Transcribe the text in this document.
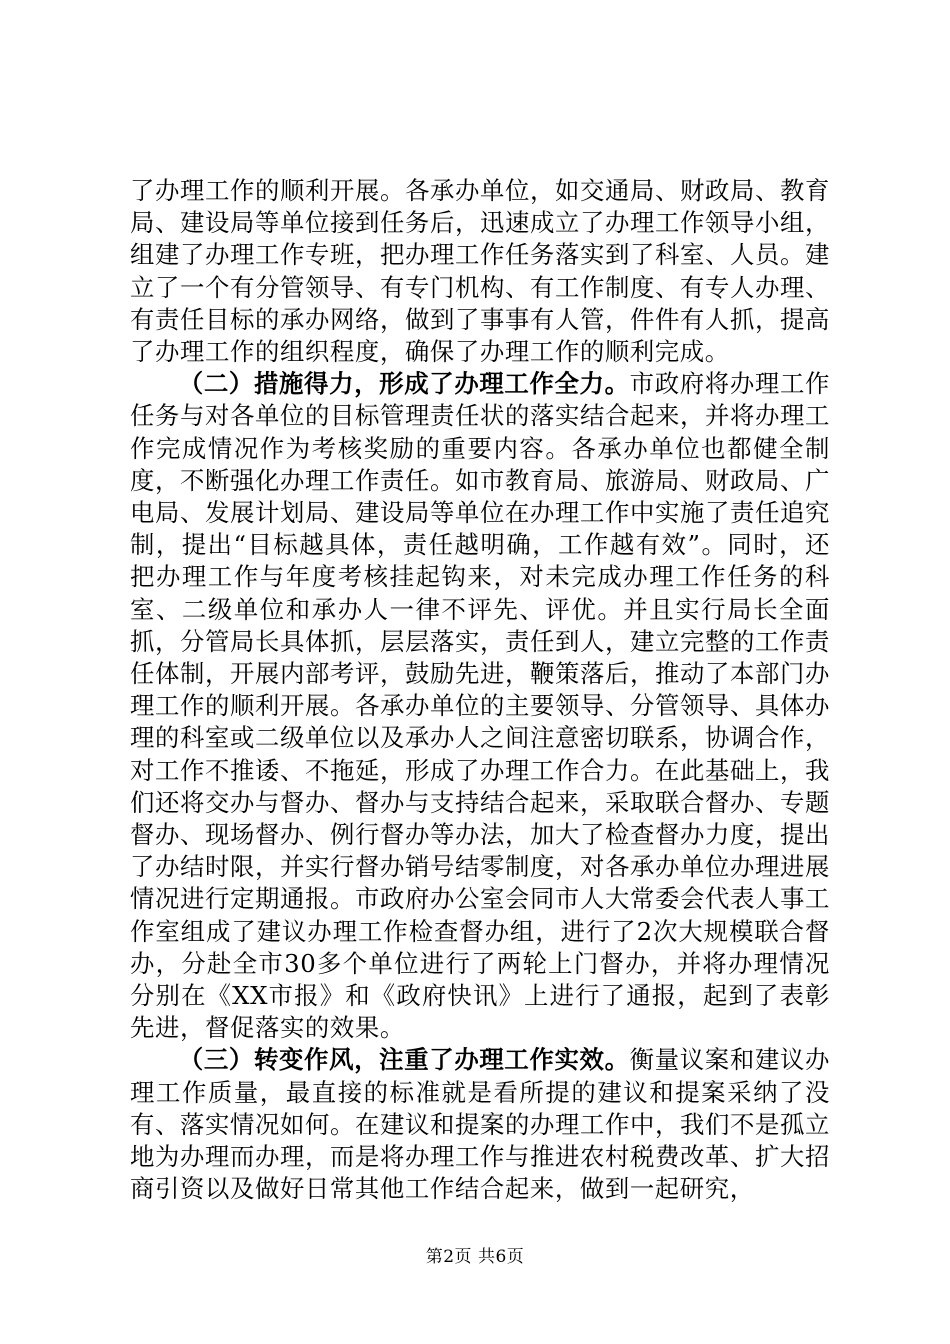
了办理工作的顺利开展。各承办单位，如交通局、财政局、教育局、建设局等单位接到任务后，迅速成立了办理工作领导小组，组建了办理工作专班，把办理工作任务落实到了科室、人员。建立了一个有分管领导、有专门机构、有工作制度、有专人办理、有责任目标的承办网络，做到了事事有人管，件件有人抓，提高了办理工作的组织程度，确保了办理工作的顺利完成。

（二）措施得力，形成了办理工作全力。市政府将办理工作任务与对各单位的目标管理责任状的落实结合起来，并将办理工作完成情况作为考核奖励的重要内容。各承办单位也都健全制度，不断强化办理工作责任。如市教育局、旅游局、财政局、广电局、发展计划局、建设局等单位在办理工作中实施了责任追究制，提出“目标越具体，责任越明确，工作越有效”。同时，还把办理工作与年度考核挂起钩来，对未完成办理工作任务的科室、二级单位和承办人一律不评先、评优。并且实行局长全面抓，分管局长具体抓，层层落实，责任到人，建立完整的工作责任体制，开展内部考评，鼓励先进，鞭策落后，推动了本部门办理工作的顺利开展。各承办单位的主要领导、分管领导、具体办理的科室或二级单位以及承办人之间注意密切联系，协调合作，对工作不推诿、不拖延，形成了办理工作合力。在此基础上，我们还将交办与督办、督办与支持结合起来，采取联合督办、专题督办、现场督办、例行督办等办法，加大了检查督办力度，提出了办结时限，并实行督办销号结零制度，对各承办单位办理进展情况进行定期通报。市政府办公室会同市人大常委会代表人事工作室组成了建议办理工作检查督办组，进行了2次大规模联合督办，分赴全市30多个单位进行了两轮上门督办，并将办理情况分别在《XX市报》和《政府快讯》上进行了通报，起到了表彰先进，督促落实的效果。

（三）转变作风，注重了办理工作实效。衡量议案和建议办理工作质量，最直接的标准就是看所提的建议和提案采纳了没有、落实情况如何。在建议和提案的办理工作中，我们不是孤立地为办理而办理，而是将办理工作与推进农村税费改革、扩大招商引资以及做好日常其他工作结合起来，做到一起研究，

第2页 共6页
